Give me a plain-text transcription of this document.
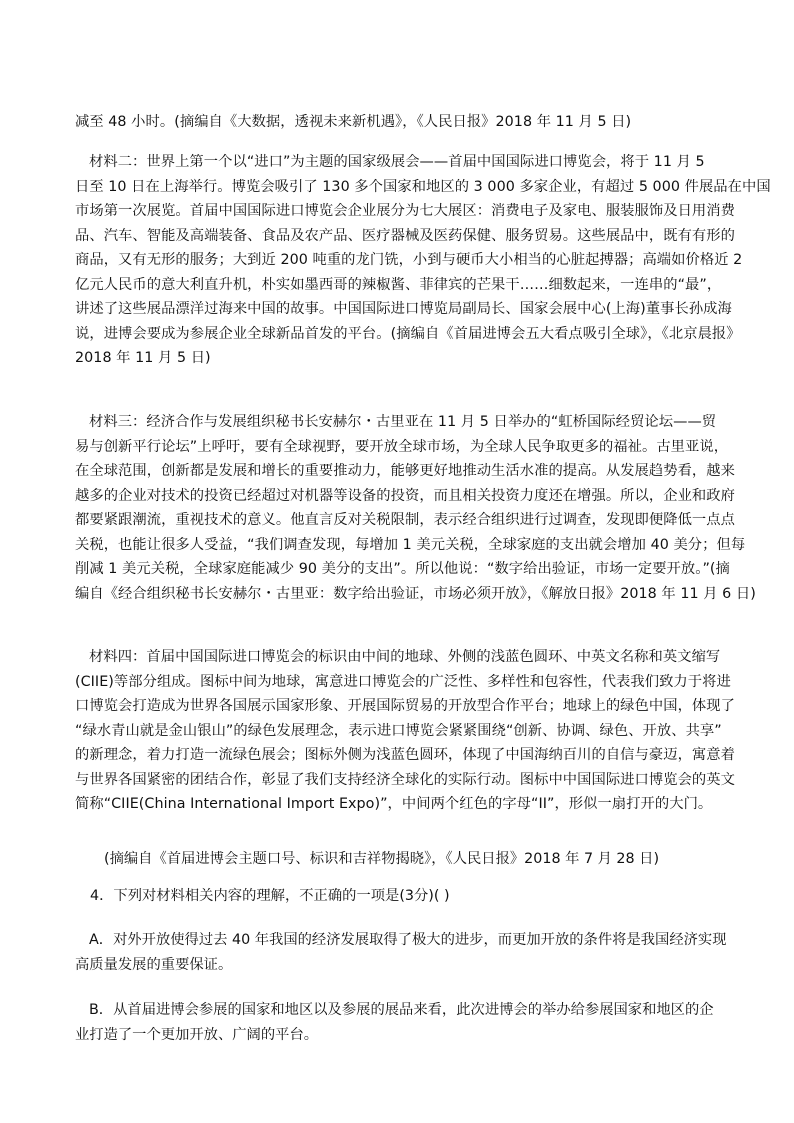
减至 48 小时。(摘编自《大数据，透视未来新机遇》，《人民日报》2018 年 11 月 5 日)
材料二：世界上第一个以“进口”为主题的国家级展会——首届中国国际进口博览会，将于 11 月 5
日至 10 日在上海举行。博览会吸引了 130 多个国家和地区的 3 000 多家企业，有超过 5 000 件展品在中国
市场第一次展览。首届中国国际进口博览会企业展分为七大展区：消费电子及家电、服装服饰及日用消费
品、汽车、智能及高端装备、食品及农产品、医疗器械及医药保健、服务贸易。这些展品中，既有有形的
商品，又有无形的服务；大到近 200 吨重的龙门铣，小到与硬币大小相当的心脏起搏器；高端如价格近 2
亿元人民币的意大利直升机，朴实如墨西哥的辣椒酱、菲律宾的芒果干……细数起来，一连串的“最”，
讲述了这些展品漂洋过海来中国的故事。中国国际进口博览局副局长、国家会展中心(上海)董事长孙成海
说，进博会要成为参展企业全球新品首发的平台。(摘编自《首届进博会五大看点吸引全球》，《北京晨报》
2018 年 11 月 5 日)
材料三：经济合作与发展组织秘书长安赫尔・古里亚在 11 月 5 日举办的“虹桥国际经贸论坛——贸
易与创新平行论坛”上呼吁，要有全球视野，要开放全球市场，为全球人民争取更多的福祉。古里亚说，
在全球范围，创新都是发展和增长的重要推动力，能够更好地推动生活水准的提高。从发展趋势看，越来
越多的企业对技术的投资已经超过对机器等设备的投资，而且相关投资力度还在增强。所以，企业和政府
都要紧跟潮流，重视技术的意义。他直言反对关税限制，表示经合组织进行过调查，发现即便降低一点点
关税，也能让很多人受益，“我们调查发现，每增加 1 美元关税，全球家庭的支出就会增加 40 美分；但每
削减 1 美元关税，全球家庭能减少 90 美分的支出”。所以他说：“数字给出验证，市场一定要开放。”(摘
编自《经合组织秘书长安赫尔・古里亚：数字给出验证，市场必须开放》，《解放日报》2018 年 11 月 6 日)
材料四：首届中国国际进口博览会的标识由中间的地球、外侧的浅蓝色圆环、中英文名称和英文缩写
(CIIE)等部分组成。图标中间为地球，寓意进口博览会的广泛性、多样性和包容性，代表我们致力于将进
口博览会打造成为世界各国展示国家形象、开展国际贸易的开放型合作平台；地球上的绿色中国，体现了
“绿水青山就是金山银山”的绿色发展理念，表示进口博览会紧紧围绕“创新、协调、绿色、开放、共享”
的新理念，着力打造一流绿色展会；图标外侧为浅蓝色圆环，体现了中国海纳百川的自信与豪迈，寓意着
与世界各国紧密的团结合作，彰显了我们支持经济全球化的实际行动。图标中中国国际进口博览会的英文
简称“CIIE(China International Import Expo)”，中间两个红色的字母“II”，形似一扇打开的大门。
(摘编自《首届进博会主题口号、标识和吉祥物揭晓》，《人民日报》2018 年 7 月 28 日)
4．下列对材料相关内容的理解，不正确的一项是(3分)( )
A．对外开放使得过去 40 年我国的经济发展取得了极大的进步，而更加开放的条件将是我国经济实现
高质量发展的重要保证。
B．从首届进博会参展的国家和地区以及参展的展品来看，此次进博会的举办给参展国家和地区的企
业打造了一个更加开放、广阔的平台。
